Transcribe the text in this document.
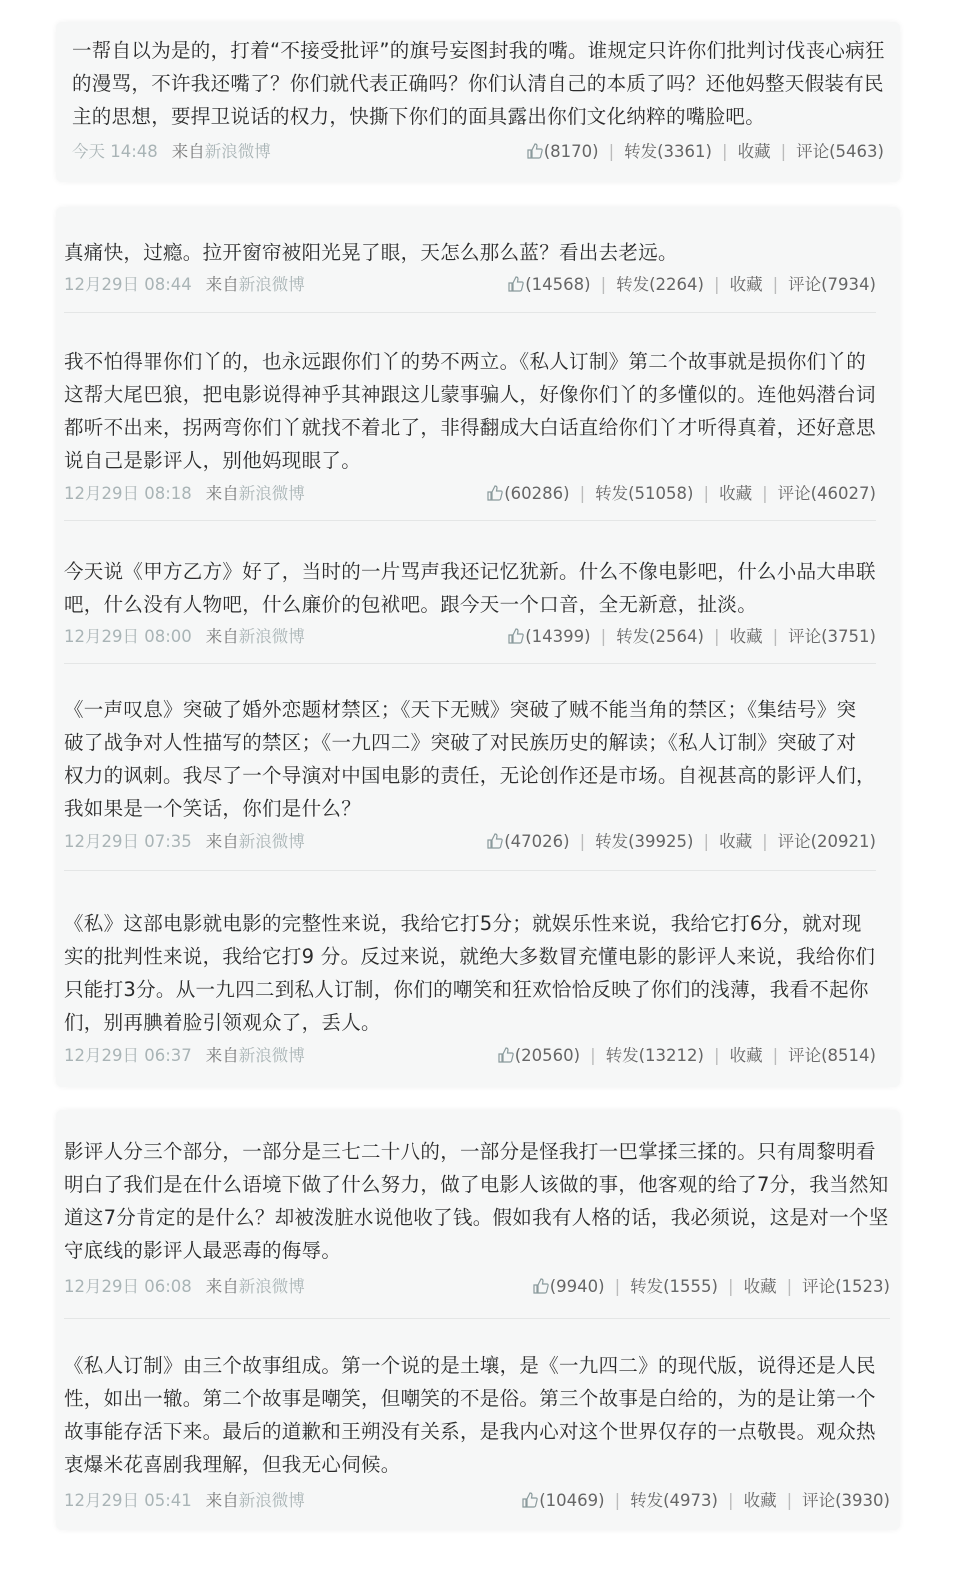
一帮自以为是的，打着“不接受批评”的旗号妄图封我的嘴。谁规定只许你们批判讨伐丧心病狂的漫骂，不许我还嘴了？你们就代表正确吗？你们认清自己的本质了吗？还他妈整天假装有民主的思想，要捍卫说话的权力，快撕下你们的面具露出你们文化纳粹的嘴脸吧。
今天 14:48 来自新浪微博	(8170) | 转发(3361) | 收藏 | 评论(5463)
真痛快，过瘾。拉开窗帘被阳光晃了眼，天怎么那么蓝？看出去老远。
12月29日 08:44 来自新浪微博	(14568) | 转发(2264) | 收藏 | 评论(7934)
我不怕得罪你们丫的，也永远跟你们丫的势不两立。《私人订制》第二个故事就是损你们丫的这帮大尾巴狼，把电影说得神乎其神跟这儿蒙事骗人，好像你们丫的多懂似的。连他妈潜台词都听不出来，拐两弯你们丫就找不着北了，非得翻成大白话直给你们丫才听得真着，还好意思说自己是影评人，别他妈现眼了。
12月29日 08:18 来自新浪微博	(60286) | 转发(51058) | 收藏 | 评论(46027)
今天说《甲方乙方》好了，当时的一片骂声我还记忆犹新。什么不像电影吧，什么小品大串联吧，什么没有人物吧，什么廉价的包袱吧。跟今天一个口音，全无新意，扯淡。
12月29日 08:00 来自新浪微博	(14399) | 转发(2564) | 收藏 | 评论(3751)
《一声叹息》突破了婚外恋题材禁区；《天下无贼》突破了贼不能当角的禁区；《集结号》突破了战争对人性描写的禁区；《一九四二》突破了对民族历史的解读；《私人订制》突破了对权力的讽刺。我尽了一个导演对中国电影的责任，无论创作还是市场。自视甚高的影评人们，我如果是一个笑话，你们是什么？
12月29日 07:35 来自新浪微博	(47026) | 转发(39925) | 收藏 | 评论(20921)
《私》这部电影就电影的完整性来说，我给它打5分；就娱乐性来说，我给它打6分，就对现实的批判性来说，我给它打9 分。反过来说，就绝大多数冒充懂电影的影评人来说，我给你们只能打3分。从一九四二到私人订制，你们的嘲笑和狂欢恰恰反映了你们的浅薄，我看不起你们，别再腆着脸引领观众了，丢人。
12月29日 06:37 来自新浪微博	(20560) | 转发(13212) | 收藏 | 评论(8514)
影评人分三个部分，一部分是三七二十八的，一部分是怪我打一巴掌揉三揉的。只有周黎明看明白了我们是在什么语境下做了什么努力，做了电影人该做的事，他客观的给了7分，我当然知道这7分肯定的是什么？却被泼脏水说他收了钱。假如我有人格的话，我必须说，这是对一个坚守底线的影评人最恶毒的侮辱。
12月29日 06:08 来自新浪微博	(9940) | 转发(1555) | 收藏 | 评论(1523)
《私人订制》由三个故事组成。第一个说的是土壤，是《一九四二》的现代版，说得还是人民性，如出一辙。第二个故事是嘲笑，但嘲笑的不是俗。第三个故事是白给的，为的是让第一个故事能存活下来。最后的道歉和王朔没有关系，是我内心对这个世界仅存的一点敬畏。观众热衷爆米花喜剧我理解，但我无心伺候。
12月29日 05:41 来自新浪微博	(10469) | 转发(4973) | 收藏 | 评论(3930)
